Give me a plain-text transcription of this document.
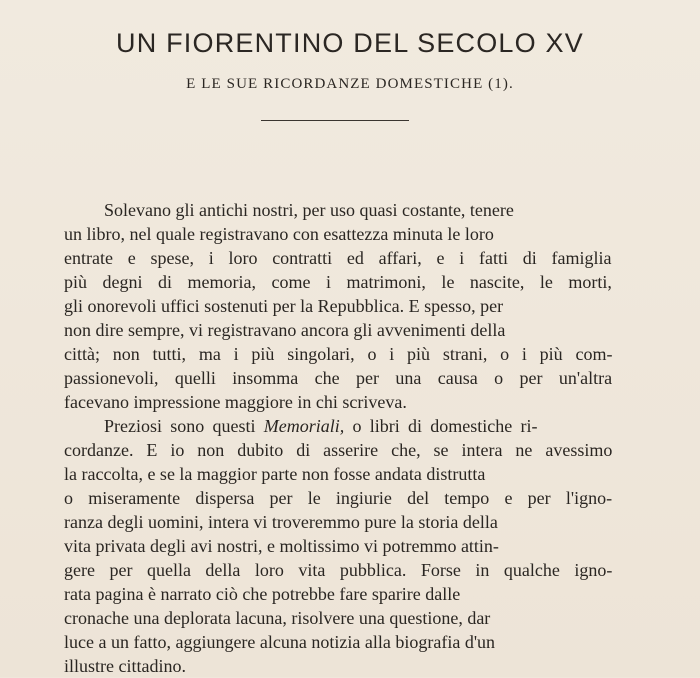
UN FIORENTINO DEL SECOLO XV
E LE SUE RICORDANZE DOMESTICHE (1).
Solevano gli antichi nostri, per uso quasi costante, tenere
un libro, nel quale registravano con esattezza minuta le loro
entrate e spese, i loro contratti ed affari, e i fatti di famiglia
più degni di memoria, come i matrimoni, le nascite, le morti,
gli onorevoli uffici sostenuti per la Repubblica. E spesso, per
non dire sempre, vi registravano ancora gli avvenimenti della
città; non tutti, ma i più singolari, o i più strani, o i più com-
passionevoli, quelli insomma che per una causa o per un'altra
facevano impressione maggiore in chi scriveva.
Preziosi sono questi Memoriali, o libri di domestiche ri-
cordanze. E io non dubito di asserire che, se intera ne avessimo
la raccolta, e se la maggior parte non fosse andata distrutta
o miseramente dispersa per le ingiurie del tempo e per l'igno-
ranza degli uomini, intera vi troveremmo pure la storia della
vita privata degli avi nostri, e moltissimo vi potremmo attin-
gere per quella della loro vita pubblica. Forse in qualche igno-
rata pagina è narrato ciò che potrebbe fare sparire dalle
cronache una deplorata lacuna, risolvere una questione, dar
luce a un fatto, aggiungere alcuna notizia alla biografia d'un
illustre cittadino.
